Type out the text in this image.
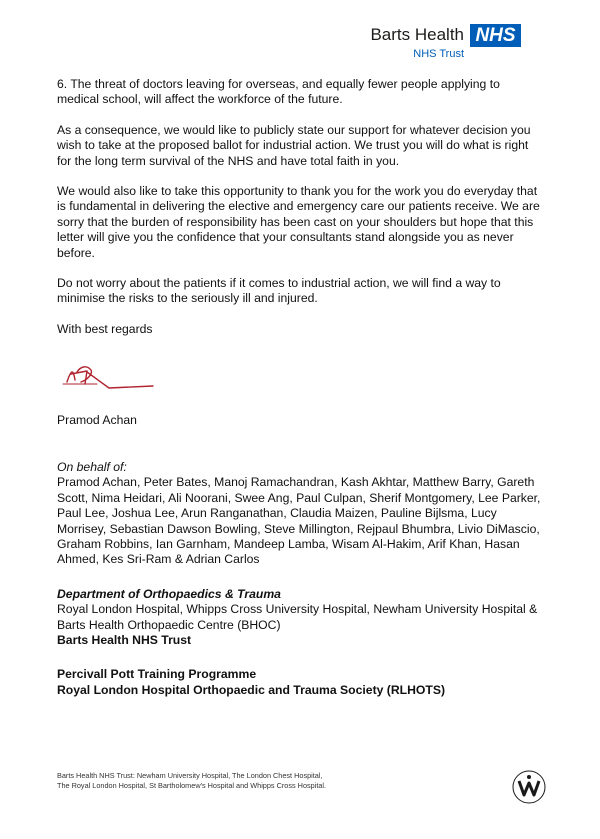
Barts Health
NHS Trust
NHS

6. The threat of doctors leaving for overseas, and equally fewer people applying to medical school, will affect the workforce of the future.

As a consequence, we would like to publicly state our support for whatever decision you wish to take at the proposed ballot for industrial action. We trust you will do what is right for the long term survival of the NHS and have total faith in you.

We would also like to take this opportunity to thank you for the work you do everyday that is fundamental in delivering the elective and emergency care our patients receive. We are sorry that the burden of responsibility has been cast on your shoulders but hope that this letter will give you the confidence that your consultants stand alongside you as never before.

Do not worry about the patients if it comes to industrial action, we will find a way to minimise the risks to the seriously ill and injured.

With best regards

Pramod Achan
On behalf of:
Pramod Achan, Peter Bates, Manoj Ramachandran, Kash Akhtar, Matthew Barry, Gareth Scott, Nima Heidari, Ali Noorani, Swee Ang, Paul Culpan, Sherif Montgomery, Lee Parker, Paul Lee, Joshua Lee, Arun Ranganathan, Claudia Maizen, Pauline Bijlsma, Lucy Morrisey, Sebastian Dawson Bowling, Steve Millington, Rejpaul Bhumbra, Livio DiMascio, Graham Robbins, Ian Garnham, Mandeep Lamba, Wisam Al-Hakim, Arif Khan, Hasan Ahmed, Kes Sri-Ram & Adrian Carlos
Department of Orthopaedics & Trauma
Royal London Hospital, Whipps Cross University Hospital, Newham University Hospital & Barts Health Orthopaedic Centre (BHOC)
Barts Health NHS Trust
Percivall Pott Training Programme
Royal London Hospital Orthopaedic and Trauma Society (RLHOTS)
Barts Health NHS Trust: Newham University Hospital, The London Chest Hospital,
The Royal London Hospital, St Bartholomew's Hospital and Whipps Cross Hospital.
